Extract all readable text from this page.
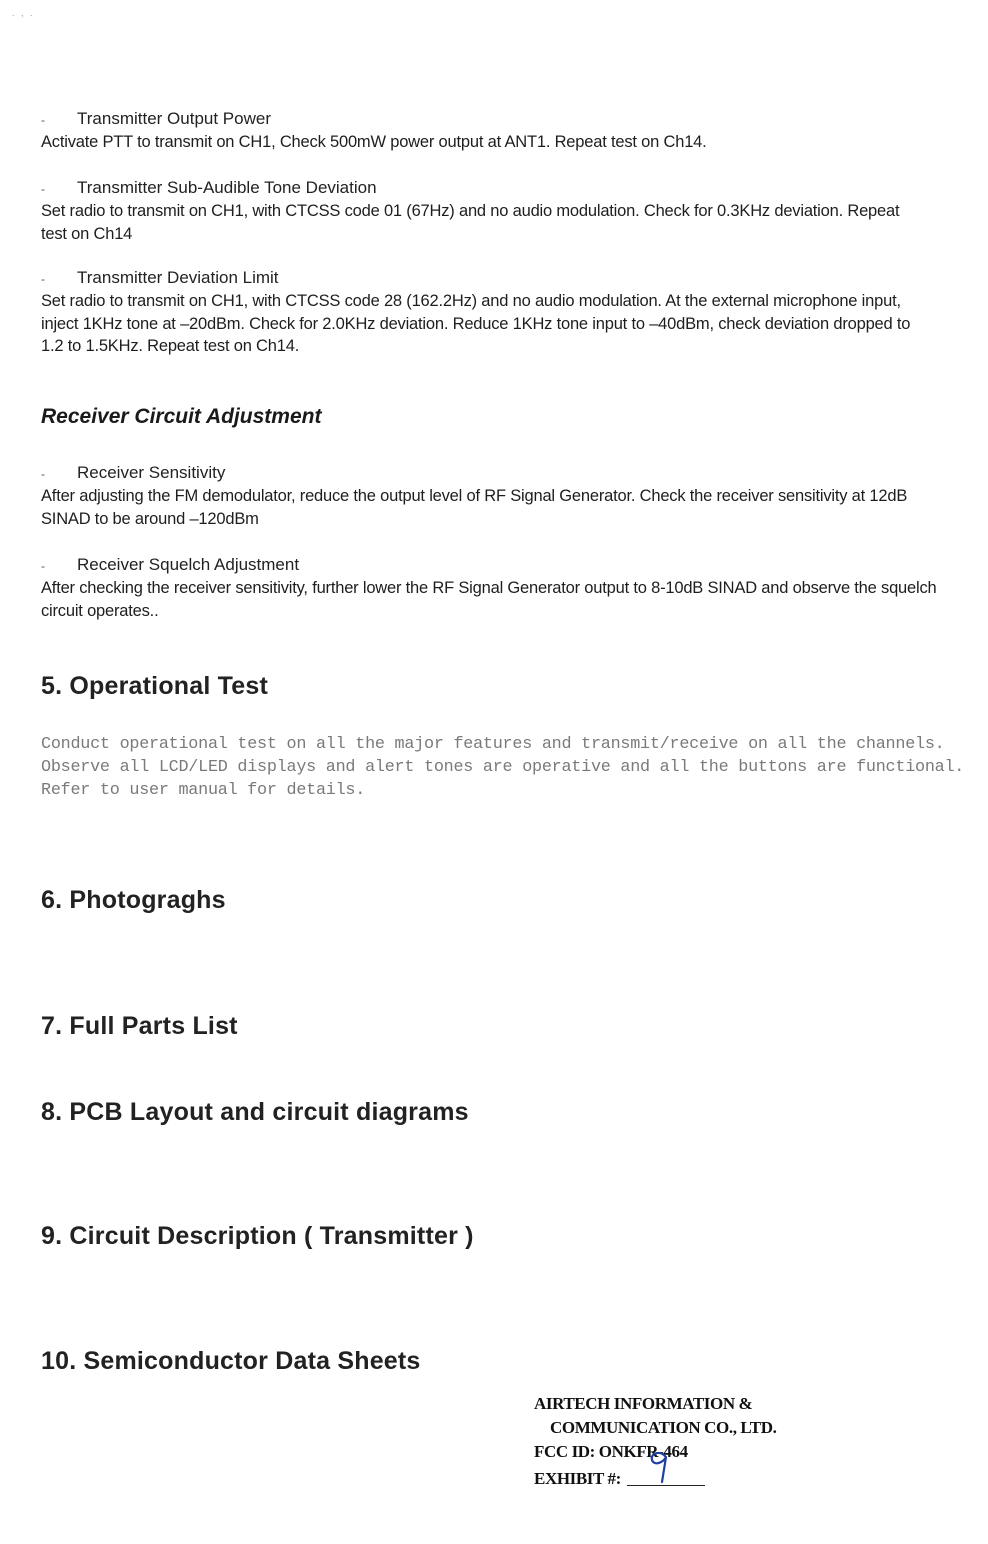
. , .
- Transmitter Output Power
Activate PTT to transmit on CH1, Check 500mW power output at ANT1. Repeat test on Ch14.
- Transmitter Sub-Audible Tone Deviation
Set radio to transmit on CH1, with CTCSS code 01 (67Hz) and no audio modulation. Check for 0.3KHz deviation. Repeat test on Ch14
- Transmitter Deviation Limit
Set radio to transmit on CH1, with CTCSS code 28 (162.2Hz) and no audio modulation. At the external microphone input, inject 1KHz tone at –20dBm. Check for 2.0KHz deviation. Reduce 1KHz tone input to –40dBm, check deviation dropped to 1.2 to 1.5KHz. Repeat test on Ch14.
Receiver Circuit Adjustment
- Receiver Sensitivity
After adjusting the FM demodulator, reduce the output level of RF Signal Generator. Check the receiver sensitivity at 12dB SINAD to be around –120dBm
- Receiver Squelch Adjustment
After checking the receiver sensitivity, further lower the RF Signal Generator output to 8-10dB SINAD and observe the squelch circuit operates..
5. Operational Test
Conduct operational test on all the major features and transmit/receive on all the channels. Observe all LCD/LED displays and alert tones are operative and all the buttons are functional. Refer to user manual for details.
6. Photograghs
7. Full Parts List
8. PCB Layout and circuit diagrams
9. Circuit Description ( Transmitter )
10. Semiconductor Data Sheets
AIRTECH INFORMATION &
COMMUNICATION CO., LTD.
FCC ID: ONKFR-464
EXHIBIT #:
